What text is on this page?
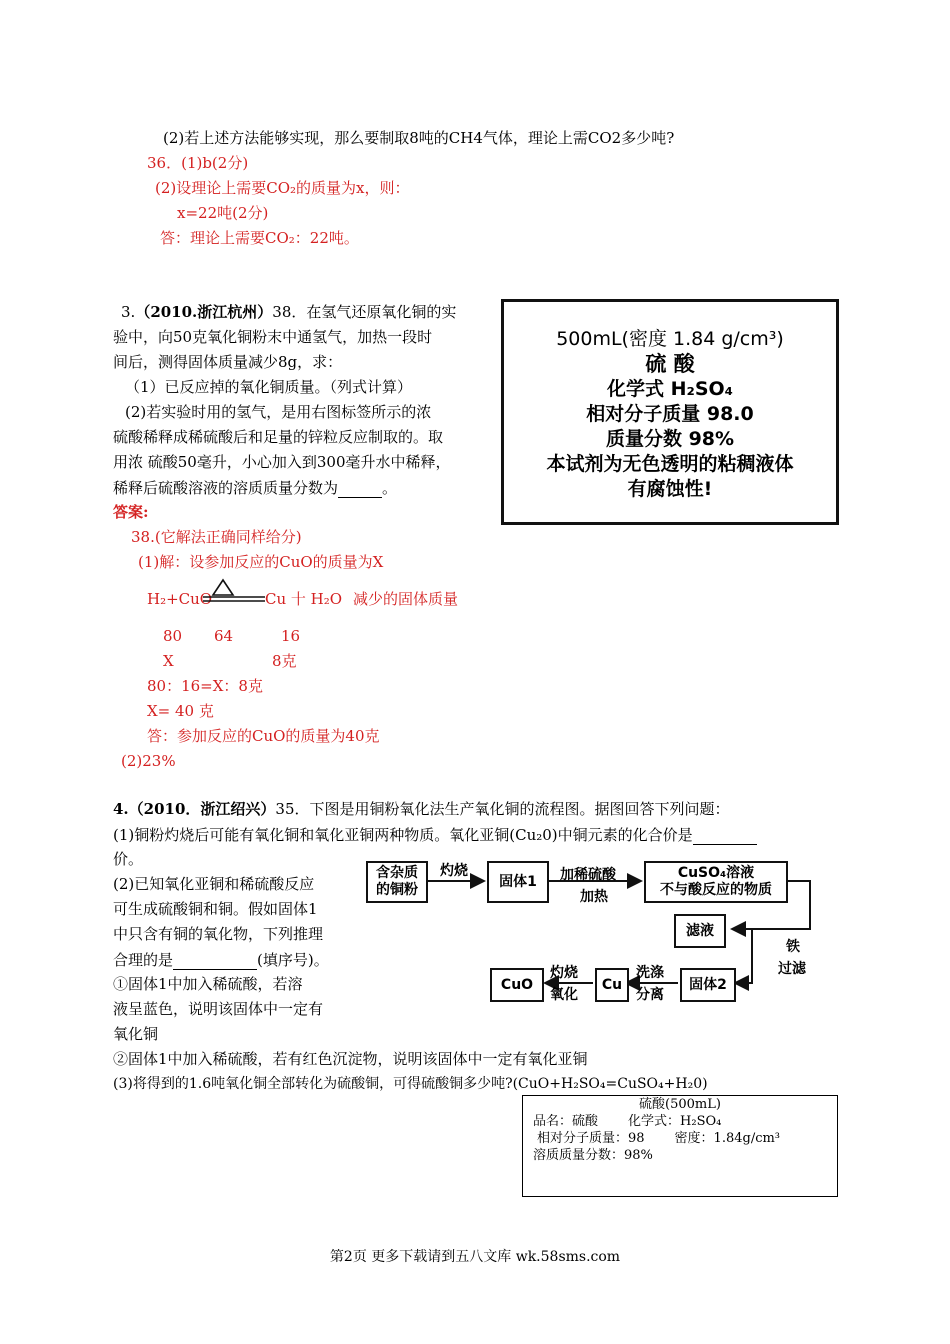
(2)若上述方法能够实现，那么要制取8吨的CH4气体，理论上需CO2多少吨?
36．(1)b(2分)
(2)设理论上需要CO₂的质量为x，则：
x=22吨(2分)
答：理论上需要CO₂：22吨。
3.（2010.浙江杭州）38．在氢气还原氧化铜的实
验中，向50克氧化铜粉末中通氢气，加热一段时
间后，测得固体质量减少8g，求：
（1）已反应掉的氧化铜质量。（列式计算）
(2)若实验时用的氢气，是用右图标签所示的浓
硫酸稀释成稀硫酸后和足量的锌粒反应制取的。取
用浓 硫酸50毫升，小心加入到300毫升水中稀释，
稀释后硫酸溶液的溶质质量分数为	。
答案:
38.(它解法正确同样给分)
(1)解：设参加反应的CuO的质量为X
H₂+CuO	Cu 十 H₂O 减少的固体质量
80 64	16
X	8克
80：16=X：8克
X= 40 克
答：参加反应的CuO的质量为40克
(2)23%
500mL(密度 1.84 g/cm³)
硫 酸
化学式 H₂SO₄
相对分子质量 98.0
质量分数 98%
本试剂为无色透明的粘稠液体
有腐蚀性!
4.（2010．浙江绍兴）35．下图是用铜粉氧化法生产氧化铜的流程图。据图回答下列问题：
(1)铜粉灼烧后可能有氧化铜和氧化亚铜两种物质。氧化亚铜(Cu₂0)中铜元素的化合价是
价。
(2)已知氧化亚铜和稀硫酸反应
可生成硫酸铜和铜。假如固体1
中只含有铜的氧化物，下列推理
合理的是	(填序号)。
①固体1中加入稀硫酸，若溶
液呈蓝色，说明该固体中一定有
氧化铜
②固体1中加入稀硫酸，若有红色沉淀物，说明该固体中一定有氧化亚铜
(3)将得到的1.6吨氧化铜全部转化为硫酸铜，可得硫酸铜多少吨?(CuO+H₂SO₄=CuSO₄+H₂0)
含杂质
的铜粉
灼烧
固体1	加稀硫酸
加热
CuSO₄溶液
不与酸反应的物质
铁
过滤
滤液
固体2
洗涤
分离
Cu
灼烧
氧化
CuO
硫酸(500mL)
品名：硫酸 化学式：H₂SO₄
相对分子质量：98 密度：1.84g/cm³
溶质质量分数：98%
第2页 更多下载请到五八文库 wk.58sms.com
